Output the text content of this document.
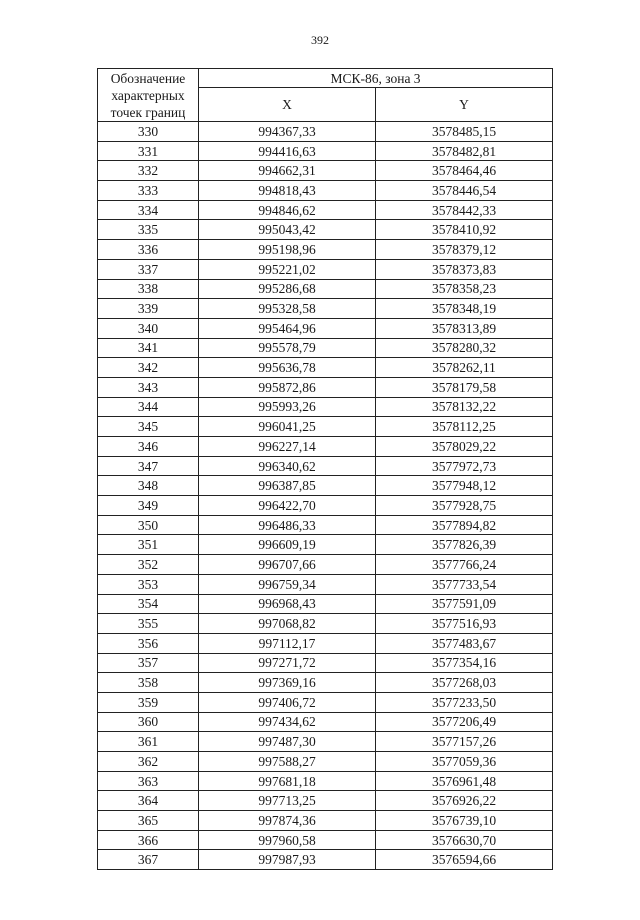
392
Обозначение характерных точек границ	МСК-86, зона 3	
	X	Y
330	994367,33	3578485,15
331	994416,63	3578482,81
332	994662,31	3578464,46
333	994818,43	3578446,54
334	994846,62	3578442,33
335	995043,42	3578410,92
336	995198,96	3578379,12
337	995221,02	3578373,83
338	995286,68	3578358,23
339	995328,58	3578348,19
340	995464,96	3578313,89
341	995578,79	3578280,32
342	995636,78	3578262,11
343	995872,86	3578179,58
344	995993,26	3578132,22
345	996041,25	3578112,25
346	996227,14	3578029,22
347	996340,62	3577972,73
348	996387,85	3577948,12
349	996422,70	3577928,75
350	996486,33	3577894,82
351	996609,19	3577826,39
352	996707,66	3577766,24
353	996759,34	3577733,54
354	996968,43	3577591,09
355	997068,82	3577516,93
356	997112,17	3577483,67
357	997271,72	3577354,16
358	997369,16	3577268,03
359	997406,72	3577233,50
360	997434,62	3577206,49
361	997487,30	3577157,26
362	997588,27	3577059,36
363	997681,18	3576961,48
364	997713,25	3576926,22
365	997874,36	3576739,10
366	997960,58	3576630,70
367	997987,93	3576594,66
